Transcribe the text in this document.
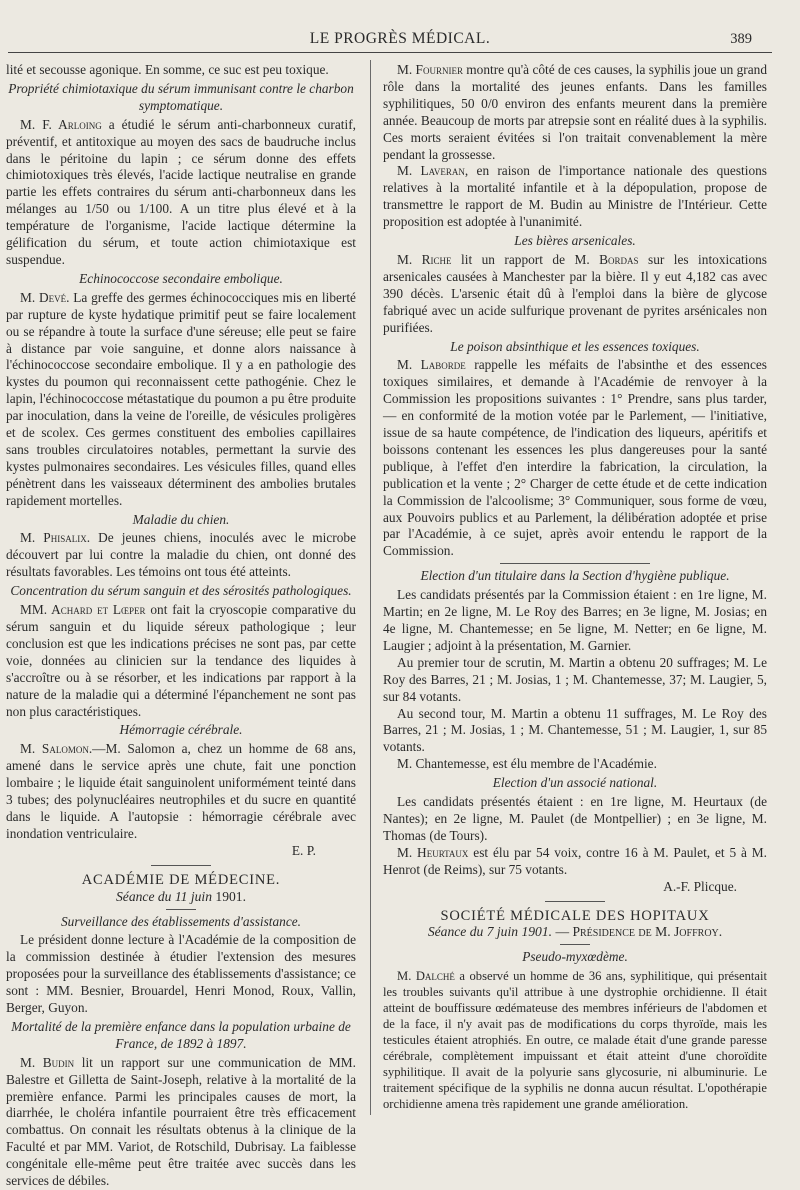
LE PROGRÈS MÉDICAL.	389

lité et secousse agonique. En somme, ce suc est peu toxique.

Propriété chimiotaxique du sérum immunisant contre le charbon symptomatique.

M. F. Arloing a étudié le sérum anti-charbonneux curatif, préventif, et antitoxique au moyen des sacs de baudruche inclus dans le péritoine du lapin ; ce sérum donne des effets chimiotoxiques très élevés, l'acide lactique neutralise en grande partie les effets contraires du sérum anti-charbonneux dans les mélanges au 1/50 ou 1/100. A un titre plus élevé et à la température de l'organisme, l'acide lactique détermine la gélification du sérum, et toute action chimiotaxique est suspendue.

Echinococcose secondaire embolique.

M. Devé. La greffe des germes échinococciques mis en liberté par rupture de kyste hydatique primitif peut se faire localement ou se répandre à toute la surface d'une séreuse; elle peut se faire à distance par voie sanguine, et donne alors naissance à l'échinococcose secondaire embolique. Il y a en pathologie des kystes du poumon qui reconnaissent cette pathogénie. Chez le lapin, l'échinococcose métastatique du poumon a pu être produite par inoculation, dans la veine de l'oreille, de vésicules proligères et de scolex. Ces germes constituent des embolies capillaires sans troubles circulatoires notables, permettant la survie des kystes pulmonaires secondaires. Les vésicules filles, quand elles pénètrent dans les vaisseaux déterminent des ambolies brutales rapidement mortelles.

Maladie du chien.

M. Phisalix. De jeunes chiens, inoculés avec le microbe découvert par lui contre la maladie du chien, ont donné des résultats favorables. Les témoins ont tous été atteints.

Concentration du sérum sanguin et des sérosités pathologiques.

MM. Achard et Lœper ont fait la cryoscopie comparative du sérum sanguin et du liquide séreux pathologique ; leur conclusion est que les indications précises ne sont pas, par cette voie, données au clinicien sur la tendance des liquides à s'accroître ou à se résorber, et les indications par rapport à la nature de la maladie qui a déterminé l'épanchement ne sont pas non plus caractéristiques.

Hémorragie cérébrale.

M. Salomon.—M. Salomon a, chez un homme de 68 ans, amené dans le service après une chute, fait une ponction lombaire ; le liquide était sanguinolent uniformément teinté dans 3 tubes; des polynucléaires neutrophiles et du sucre en quantité dans le liquide. A l'autopsie : hémorragie cérébrale avec inondation ventriculaire.

E. P.
ACADÉMIE DE MÉDECINE.
Séance du 11 juin 1901.
Surveillance des établissements d'assistance.

Le président donne lecture à l'Académie de la composition de la commission destinée à étudier l'extension des mesures proposées pour la surveillance des établissements d'assistance; ce sont : MM. Besnier, Brouardel, Henri Monod, Roux, Vallin, Berger, Guyon.

Mortalité de la première enfance dans la population urbaine de France, de 1892 à 1897.

M. Budin lit un rapport sur une communication de MM. Balestre et Gilletta de Saint-Joseph, relative à la mortalité de la première enfance. Parmi les principales causes de mort, la diarrhée, le choléra infantile pourraient être très efficacement combattus. On connait les résultats obtenus à la clinique de la Faculté et par MM. Variot, de Rotschild, Dubrisay. La faiblesse congénitale elle-même peut être traitée avec succès dans les services de débiles.

M. Fournier montre qu'à côté de ces causes, la syphilis joue un grand rôle dans la mortalité des jeunes enfants. Dans les familles syphilitiques, 50 0/0 environ des enfants meurent dans la première année. Beaucoup de morts par atrepsie sont en réalité dues à la syphilis. Ces morts seraient évitées si l'on traitait convenablement la mère pendant la grossesse.

M. Laveran, en raison de l'importance nationale des questions relatives à la mortalité infantile et à la dépopulation, propose de transmettre le rapport de M. Budin au Ministre de l'Intérieur. Cette proposition est adoptée à l'unanimité.

Les bières arsenicales.

M. Riche lit un rapport de M. Bordas sur les intoxications arsenicales causées à Manchester par la bière. Il y eut 4,182 cas avec 390 décès. L'arsenic était dû à l'emploi dans la bière de glycose fabriqué avec un acide sulfurique provenant de pyrites arsénicales non purifiées.

Le poison absinthique et les essences toxiques.

M. Laborde rappelle les méfaits de l'absinthe et des essences toxiques similaires, et demande à l'Académie de renvoyer à la Commission les propositions suivantes : 1° Prendre, sans plus tarder, — en conformité de la motion votée par le Parlement, — l'initiative, issue de sa haute compétence, de l'indication des liqueurs, apéritifs et boissons contenant les essences les plus dangereuses pour la santé publique, à l'effet d'en interdire la fabrication, la circulation, la publication et la vente ; 2° Charger de cette étude et de cette indication la Commission de l'alcoolisme; 3° Communiquer, sous forme de vœu, aux Pouvoirs publics et au Parlement, la délibération adoptée et prise par l'Académie, à ce sujet, après avoir entendu le rapport de la Commission.

Election d'un titulaire dans la Section d'hygiène publique.

Les candidats présentés par la Commission étaient : en 1re ligne, M. Martin; en 2e ligne, M. Le Roy des Barres; en 3e ligne, M. Josias; en 4e ligne, M. Chantemesse; en 5e ligne, M. Netter; en 6e ligne, M. Laugier ; adjoint à la présentation, M. Garnier.

Au premier tour de scrutin, M. Martin a obtenu 20 suffrages; M. Le Roy des Barres, 21 ; M. Josias, 1 ; M. Chantemesse, 37; M. Laugier, 5, sur 84 votants.

Au second tour, M. Martin a obtenu 11 suffrages, M. Le Roy des Barres, 21 ; M. Josias, 1 ; M. Chantemesse, 51 ; M. Laugier, 1, sur 85 votants.

M. Chantemesse, est élu membre de l'Académie.

Election d'un associé national.

Les candidats présentés étaient : en 1re ligne, M. Heurtaux (de Nantes); en 2e ligne, M. Paulet (de Montpellier) ; en 3e ligne, M. Thomas (de Tours).

M. Heurtaux est élu par 54 voix, contre 16 à M. Paulet, et 5 à M. Henrot (de Reims), sur 75 votants.

A.-F. Plicque.
SOCIÉTÉ MÉDICALE DES HOPITAUX
Séance du 7 juin 1901. — Présidence de M. Joffroy.
Pseudo-myxœdème.

M. Dalché a observé un homme de 36 ans, syphilitique, qui présentait les troubles suivants qu'il attribue à une dystrophie orchidienne. Il était atteint de bouffissure œdémateuse des membres inférieurs de l'abdomen et de la face, il n'y avait pas de modifications du corps thyroïde, mais les testicules étaient atrophiés. En outre, ce malade était d'une grande paresse cérébrale, complètement impuissant et était atteint d'une choroïdite syphilitique. Il avait de la polyurie sans glycosurie, ni albuminurie. Le traitement spécifique de la syphilis ne donna aucun résultat. L'opothérapie orchidienne amena très rapidement une grande amélioration.
